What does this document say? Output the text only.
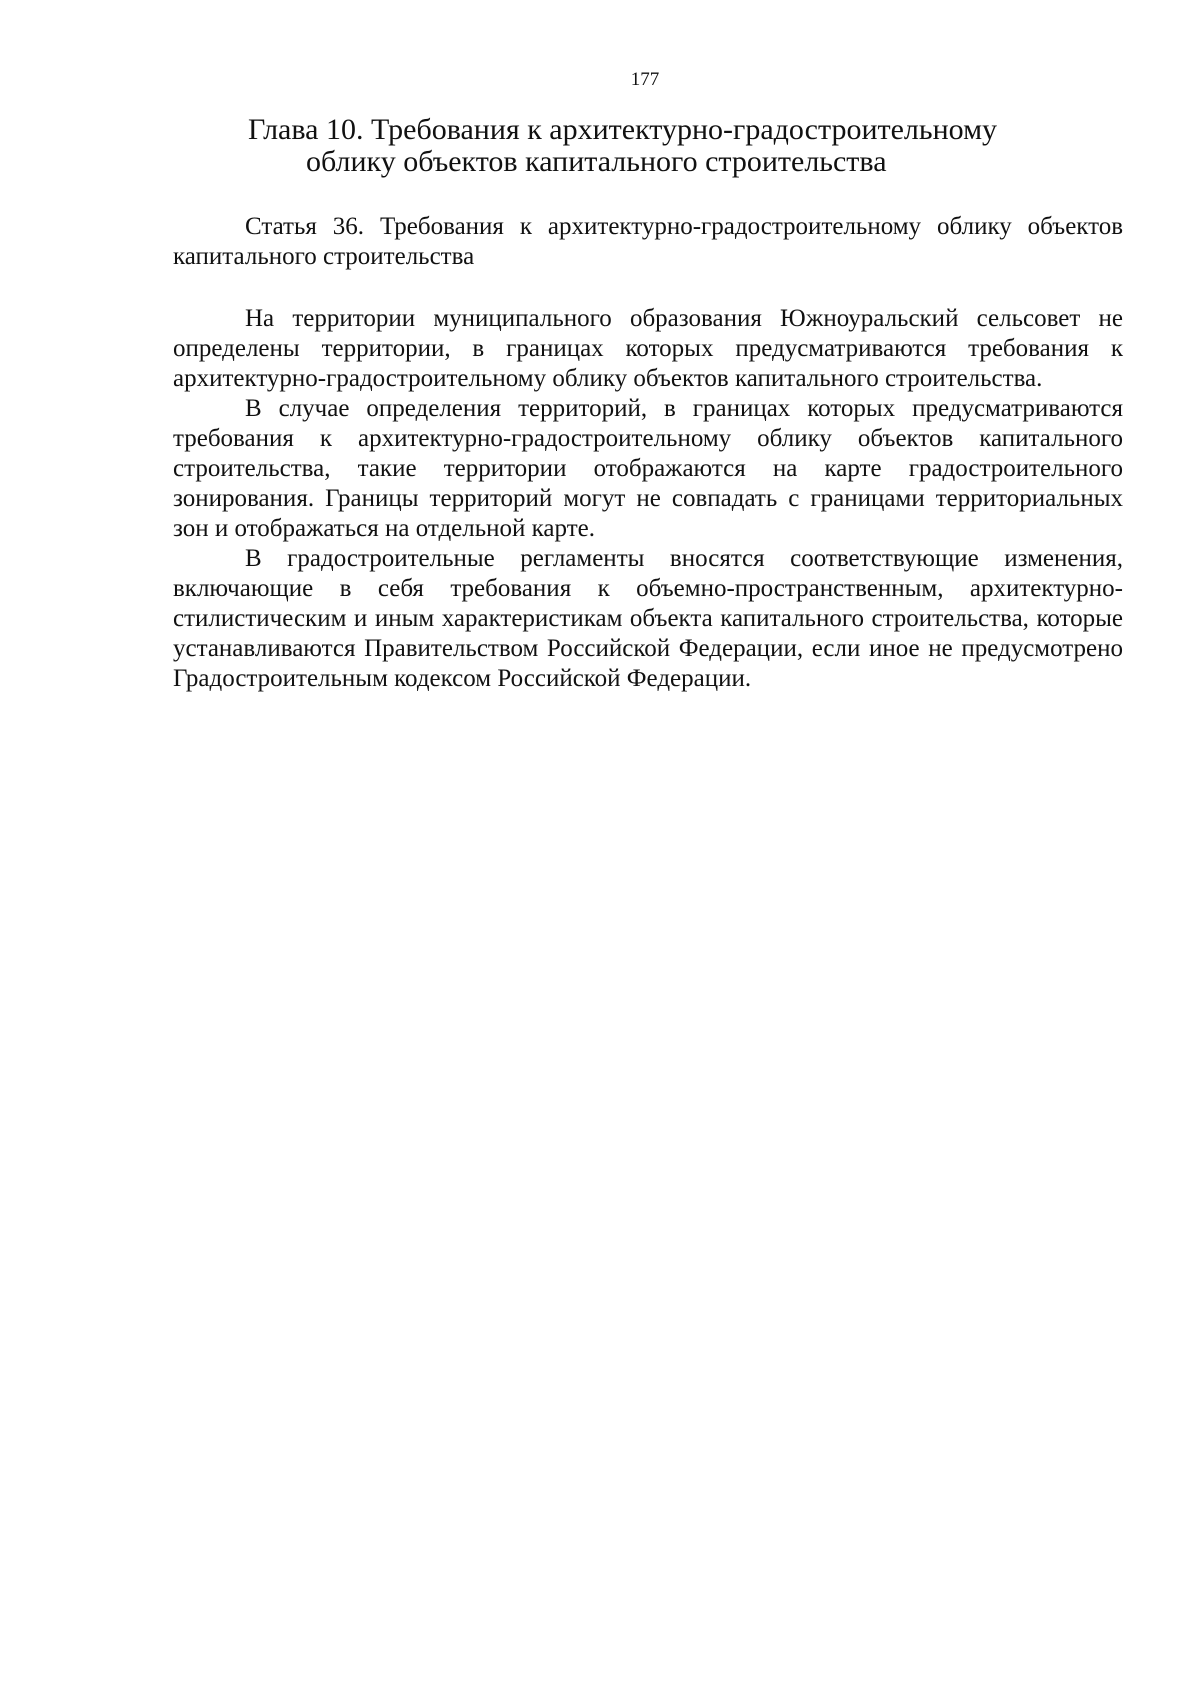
177
Глава 10. Требования к архитектурно-градостроительному
облику объектов капитального строительства

Статья 36. Требования к архитектурно-градостроительному облику объектов капитального строительства

На территории муниципального образования Южноуральский сельсовет не определены территории, в границах которых предусматриваются требования к архитектурно-градостроительному облику объектов капитального строительства.

В случае определения территорий, в границах которых предусматриваются требования к архитектурно-градостроительному облику объектов капитального строительства, такие территории отображаются на карте градостроительного зонирования. Границы территорий могут не совпадать с границами территориальных зон и отображаться на отдельной карте.

В градостроительные регламенты вносятся соответствующие изменения, включающие в себя требования к объемно-пространственным, архитектурно-стилистическим и иным характеристикам объекта капитального строительства, которые устанавливаются Правительством Российской Федерации, если иное не предусмотрено Градостроительным кодексом Российской Федерации.
